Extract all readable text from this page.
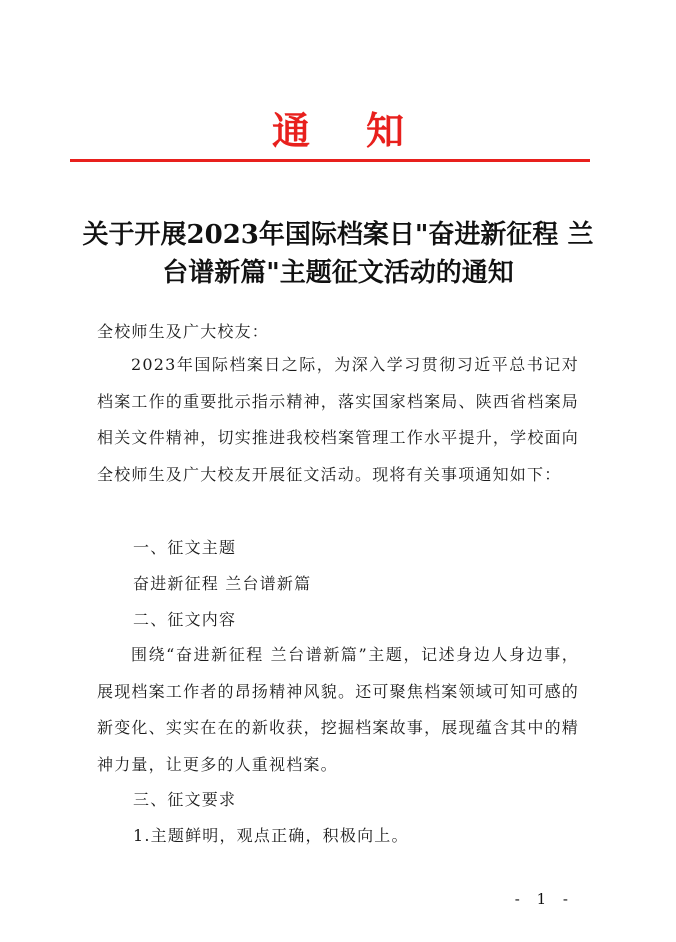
通知
关于开展2023年国际档案日"奋进新征程 兰台谱新篇"主题征文活动的通知
全校师生及广大校友：
2023年国际档案日之际，为深入学习贯彻习近平总书记对档案工作的重要批示指示精神，落实国家档案局、陕西省档案局相关文件精神，切实推进我校档案管理工作水平提升，学校面向全校师生及广大校友开展征文活动。现将有关事项通知如下：
一、征文主题
奋进新征程 兰台谱新篇
二、征文内容
围绕“奋进新征程 兰台谱新篇”主题，记述身边人身边事，展现档案工作者的昂扬精神风貌。还可聚焦档案领域可知可感的新变化、实实在在的新收获，挖掘档案故事，展现蕴含其中的精神力量，让更多的人重视档案。
三、征文要求
1.主题鲜明，观点正确，积极向上。
- 1 -
